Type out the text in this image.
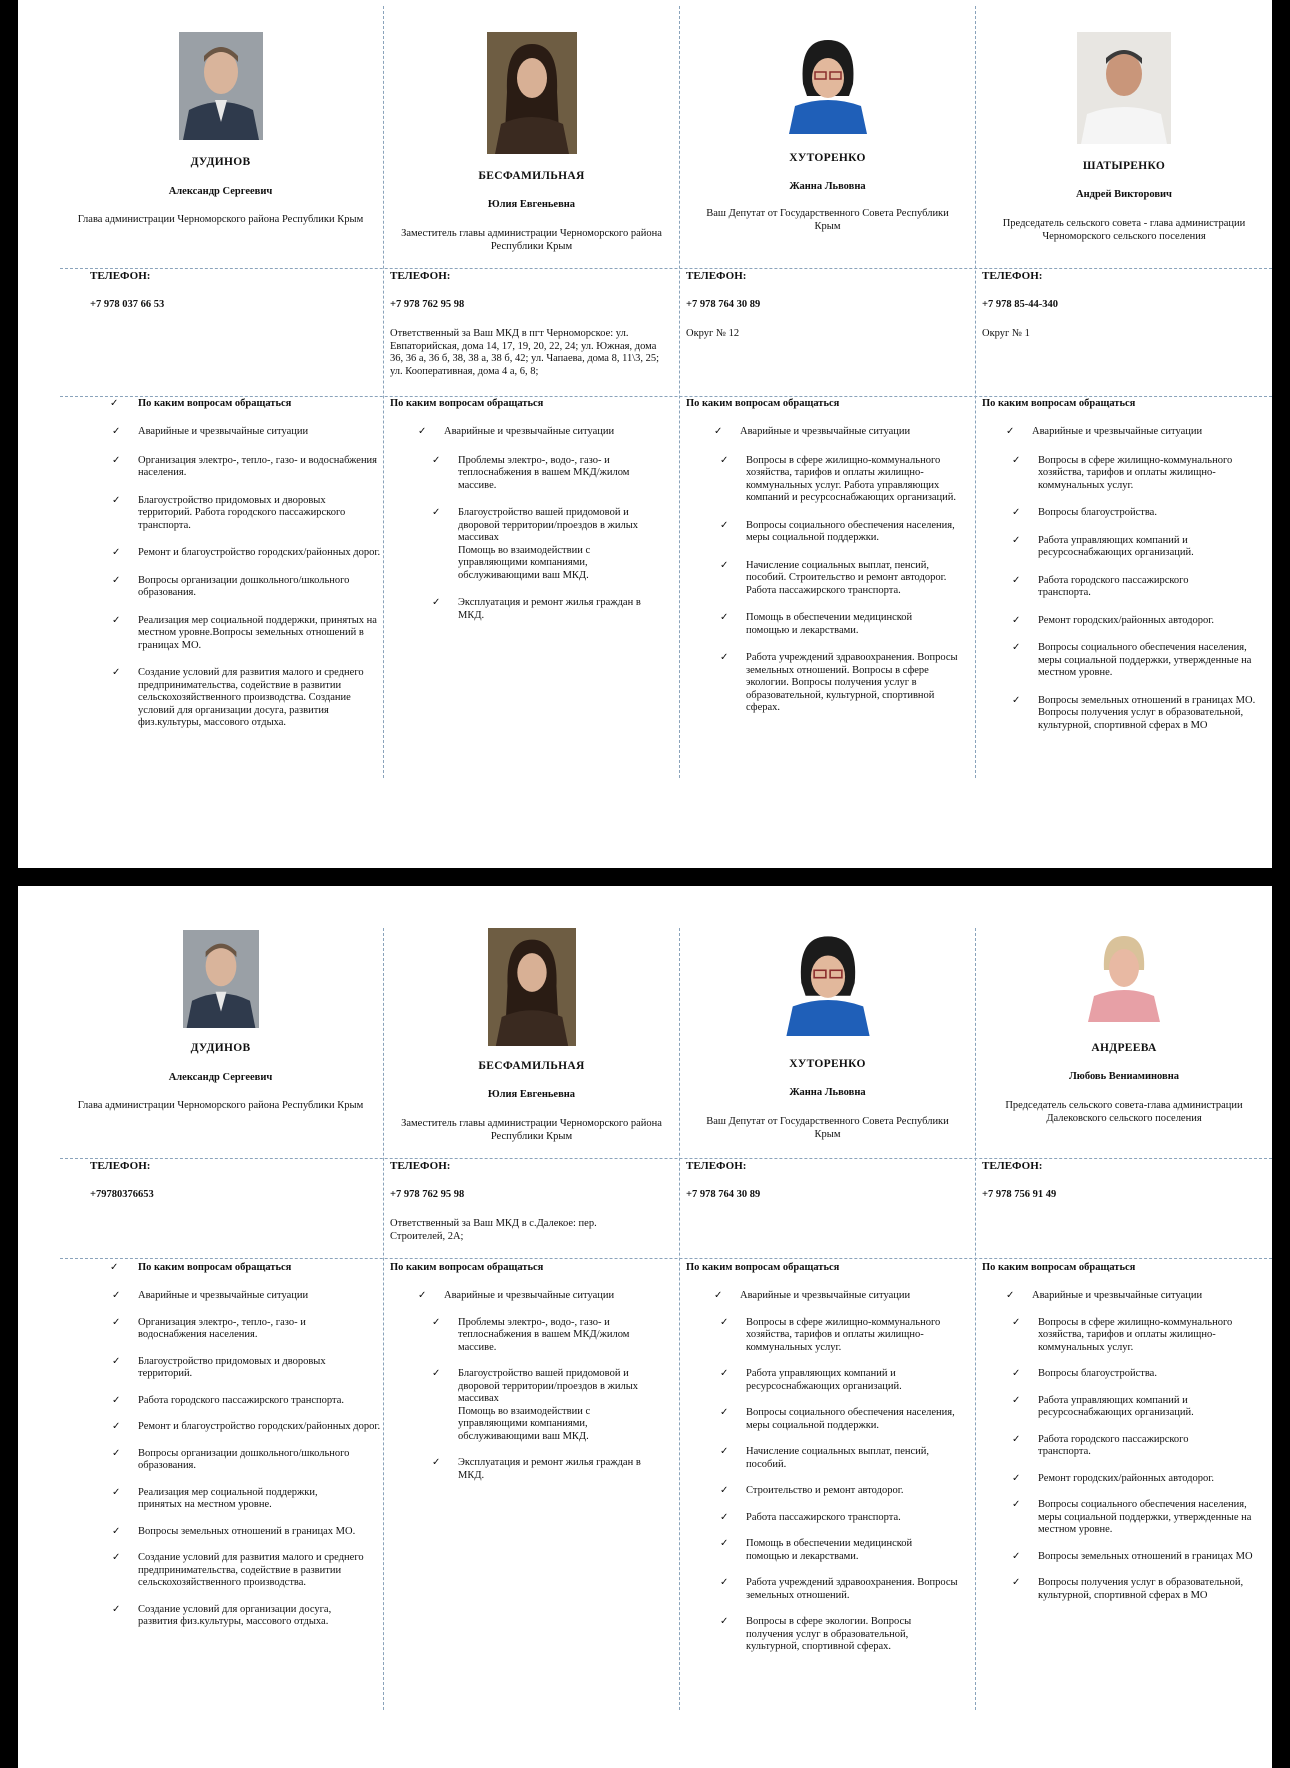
ДУДИНОВ
Александр Сергеевич
Глава администрации Черноморского района Республики Крым
ТЕЛЕФОН:
+7 978 037 66 53
✓ По каким вопросам обращаться
✓ Аварийные и чрезвычайные ситуации
✓ Организация электро-, тепло-, газо- и водоснабжения населения.
✓ Благоустройство придомовых и дворовых территорий. Работа городского пассажирского транспорта.
✓ Ремонт и благоустройство городских/районных дорог.
✓ Вопросы организации дошкольного/школьного образования.
✓ Реализация мер социальной поддержки, принятых на местном уровне.Вопросы земельных отношений в границах МО.
✓ Создание условий для развития малого и среднего предпринимательства, содействие в развитии сельскохозяйственного производства. Создание условий для организации досуга, развития физ.культуры, массового отдыха.
БЕСФАМИЛЬНАЯ
Юлия Евгеньевна
Заместитель главы администрации Черноморского района Республики Крым
ТЕЛЕФОН:
+7 978 762 95 98
Ответственный за Ваш МКД в пгт Черноморское: ул. Евпаторийская, дома 14, 17, 19, 20, 22, 24; ул. Южная, дома 36, 36 а, 36 б, 38, 38 а, 38 б, 42; ул. Чапаева, дома 8, 11\3, 25; ул. Кооперативная, дома 4 а, 6, 8;
По каким вопросам обращаться
✓ Аварийные и чрезвычайные ситуации
✓ Проблемы электро-, водо-, газо- и теплоснабжения в вашем МКД/жилом массиве.
✓ Благоустройство вашей придомовой и дворовой территории/проездов в жилых массивах
Помощь во взаимодействии с управляющими компаниями, обслуживающими ваш МКД.
✓ Эксплуатация и ремонт жилья граждан в МКД.
ХУТОРЕНКО
Жанна Львовна
Ваш Депутат от Государственного Совета Республики Крым
ТЕЛЕФОН:
+7 978 764 30 89
Округ № 12
По каким вопросам обращаться
✓ Аварийные и чрезвычайные ситуации
✓ Вопросы в сфере жилищно-коммунального хозяйства, тарифов и оплаты жилищно-коммунальных услуг. Работа управляющих компаний и ресурсоснабжающих организаций.
✓ Вопросы социального обеспечения населения, меры социальной поддержки.
✓ Начисление социальных выплат, пенсий, пособий. Строительство и ремонт автодорог. Работа пассажирского транспорта.
✓ Помощь в обеспечении медицинской помощью и лекарствами.
✓ Работа учреждений здравоохранения. Вопросы земельных отношений. Вопросы в сфере экологии. Вопросы получения услуг в образовательной, культурной, спортивной сферах.
ШАТЫРЕНКО
Андрей Викторович
Председатель сельского совета - глава администрации Черноморского сельского поселения
ТЕЛЕФОН:
+7 978 85-44-340
Округ № 1
По каким вопросам обращаться
✓ Аварийные и чрезвычайные ситуации
✓ Вопросы в сфере жилищно-коммунального хозяйства, тарифов и оплаты жилищно-коммунальных услуг.
✓ Вопросы благоустройства.
✓ Работа управляющих компаний и ресурсоснабжающих организаций.
✓ Работа городского пассажирского транспорта.
✓ Ремонт городских/районных автодорог.
✓ Вопросы социального обеспечения населения, меры социальной поддержки, утвержденные на местном уровне.
✓ Вопросы земельных отношений в границах МО. Вопросы получения услуг в образовательной, культурной, спортивной сферах в МО
ДУДИНОВ
Александр Сергеевич
Глава администрации Черноморского района Республики Крым
ТЕЛЕФОН:
+79780376653
✓ По каким вопросам обращаться
✓ Аварийные и чрезвычайные ситуации
✓ Организация электро-, тепло-, газо- и водоснабжения населения.
✓ Благоустройство придомовых и дворовых территорий.
✓ Работа городского пассажирского транспорта.
✓ Ремонт и благоустройство городских/районных дорог.
✓ Вопросы организации дошкольного/школьного образования.
✓ Реализация мер социальной поддержки, принятых на местном уровне.
✓ Вопросы земельных отношений в границах МО.
✓ Создание условий для развития малого и среднего предпринимательства, содействие в развитии сельскохозяйственного производства.
✓ Создание условий для организации досуга, развития физ.культуры, массового отдыха.
БЕСФАМИЛЬНАЯ
Юлия Евгеньевна
Заместитель главы администрации Черноморского района Республики Крым
ТЕЛЕФОН:
+7 978 762 95 98
Ответственный за Ваш МКД в с.Далекое: пер. Строителей, 2А;
По каким вопросам обращаться
✓ Аварийные и чрезвычайные ситуации
✓ Проблемы электро-, водо-, газо- и теплоснабжения в вашем МКД/жилом массиве.
✓ Благоустройство вашей придомовой и дворовой территории/проездов в жилых массивах
Помощь во взаимодействии с управляющими компаниями, обслуживающими ваш МКД.
✓ Эксплуатация и ремонт жилья граждан в МКД.
ХУТОРЕНКО
Жанна Львовна
Ваш Депутат от Государственного Совета Республики Крым
ТЕЛЕФОН:
+7 978 764 30 89
По каким вопросам обращаться
✓ Аварийные и чрезвычайные ситуации
✓ Вопросы в сфере жилищно-коммунального хозяйства, тарифов и оплаты жилищно-коммунальных услуг.
✓ Работа управляющих компаний и ресурсоснабжающих организаций.
✓ Вопросы социального обеспечения населения, меры социальной поддержки.
✓ Начисление социальных выплат, пенсий, пособий.
✓ Строительство и ремонт автодорог.
✓ Работа пассажирского транспорта.
✓ Помощь в обеспечении медицинской помощью и лекарствами.
✓ Работа учреждений здравоохранения. Вопросы земельных отношений.
✓ Вопросы в сфере экологии. Вопросы получения услуг в образовательной, культурной, спортивной сферах.
АНДРЕЕВА
Любовь Вениаминовна
Председатель сельского совета-глава администрации Далековского сельского поселения
ТЕЛЕФОН:
+7 978 756 91 49
По каким вопросам обращаться
✓ Аварийные и чрезвычайные ситуации
✓ Вопросы в сфере жилищно-коммунального хозяйства, тарифов и оплаты жилищно-коммунальных услуг.
✓ Вопросы благоустройства.
✓ Работа управляющих компаний и ресурсоснабжающих организаций.
✓ Работа городского пассажирского транспорта.
✓ Ремонт городских/районных автодорог.
✓ Вопросы социального обеспечения населения, меры социальной поддержки, утвержденные на местном уровне.
✓ Вопросы земельных отношений в границах МО
✓ Вопросы получения услуг в образовательной, культурной, спортивной сферах в МО
